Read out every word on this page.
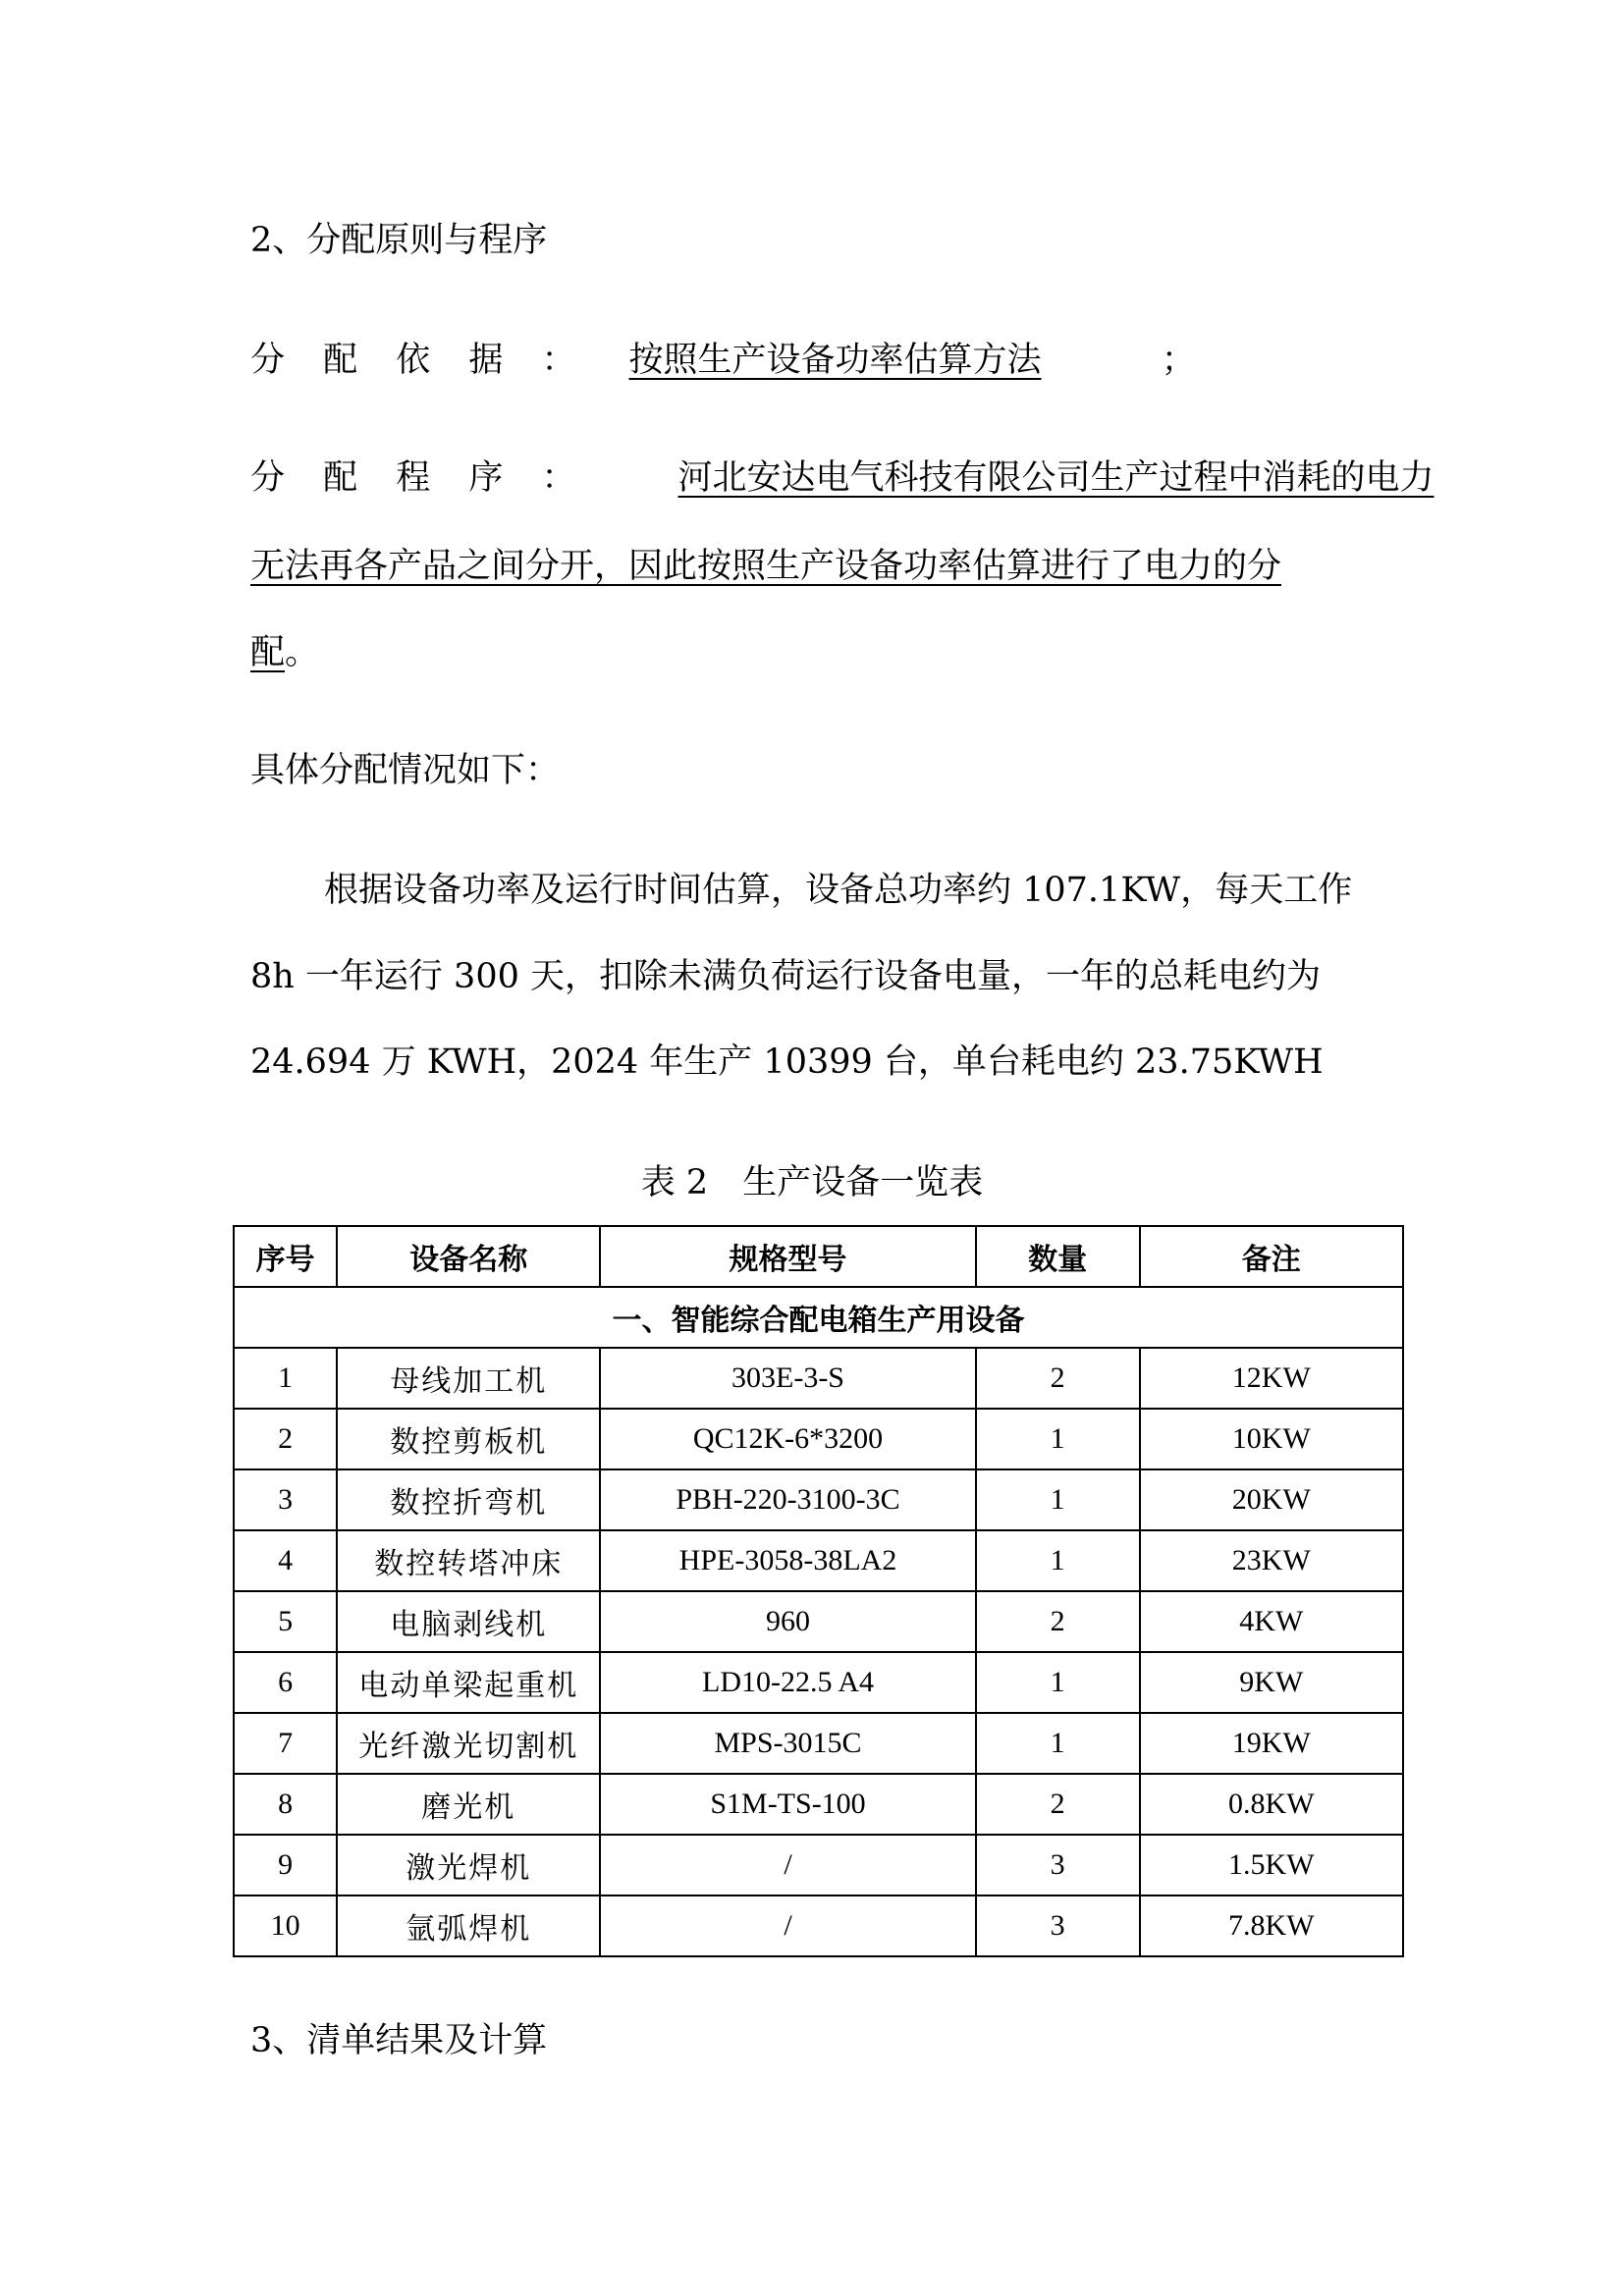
2、分配原则与程序

分 配 依 据 ： 按照生产设备功率估算方法	；

分 配 程 序 ：	河北安达电气科技有限公司生产过程中消耗的电力

无法再各产品之间分开，因此按照生产设备功率估算进行了电力的分

配。

具体分配情况如下：

根据设备功率及运行时间估算，设备总功率约 107.1KW，每天工作

8h 一年运行 300 天，扣除未满负荷运行设备电量，一年的总耗电约为

24.694 万 KWH，2024 年生产 10399 台，单台耗电约 23.75KWH

表 2　生产设备一览表

序号	设备名称	规格型号	数量	备注
一、智能综合配电箱生产用设备				
1	母线加工机	303E-3-S	2	12KW
2	数控剪板机	QC12K-6*3200	1	10KW
3	数控折弯机	PBH-220-3100-3C	1	20KW
4	数控转塔冲床	HPE-3058-38LA2	1	23KW
5	电脑剥线机	960	2	4KW
6	电动单梁起重机	LD10-22.5 A4	1	9KW
7	光纤激光切割机	MPS-3015C	1	19KW
8	磨光机	S1M-TS-100	2	0.8KW
9	激光焊机	/	3	1.5KW
10	氩弧焊机	/	3	7.8KW

3、清单结果及计算
